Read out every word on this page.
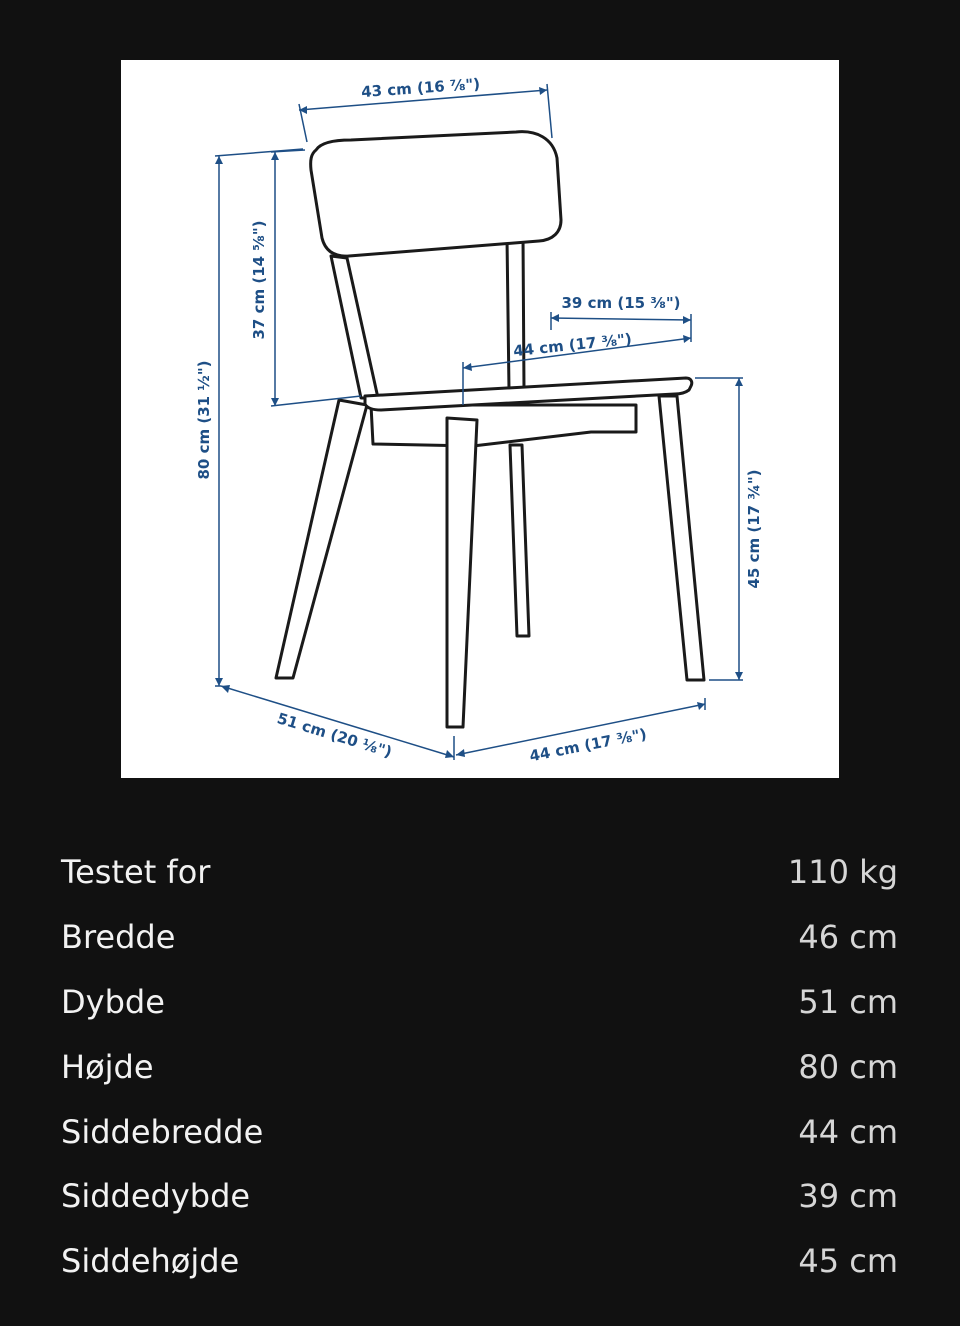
43 cm (16 ⅞")
80 cm (31 ½")
37 cm (14 ⅝")	39 cm (15 ⅜")
44 cm (17 ⅜")
45 cm (17 ¾")
51 cm (20 ⅛")	44 cm (17 ⅜")
Testet for	110 kg
Bredde	46 cm
Dybde	51 cm
Højde	80 cm
Siddebredde	44 cm
Siddedybde	39 cm
Siddehøjde	45 cm
